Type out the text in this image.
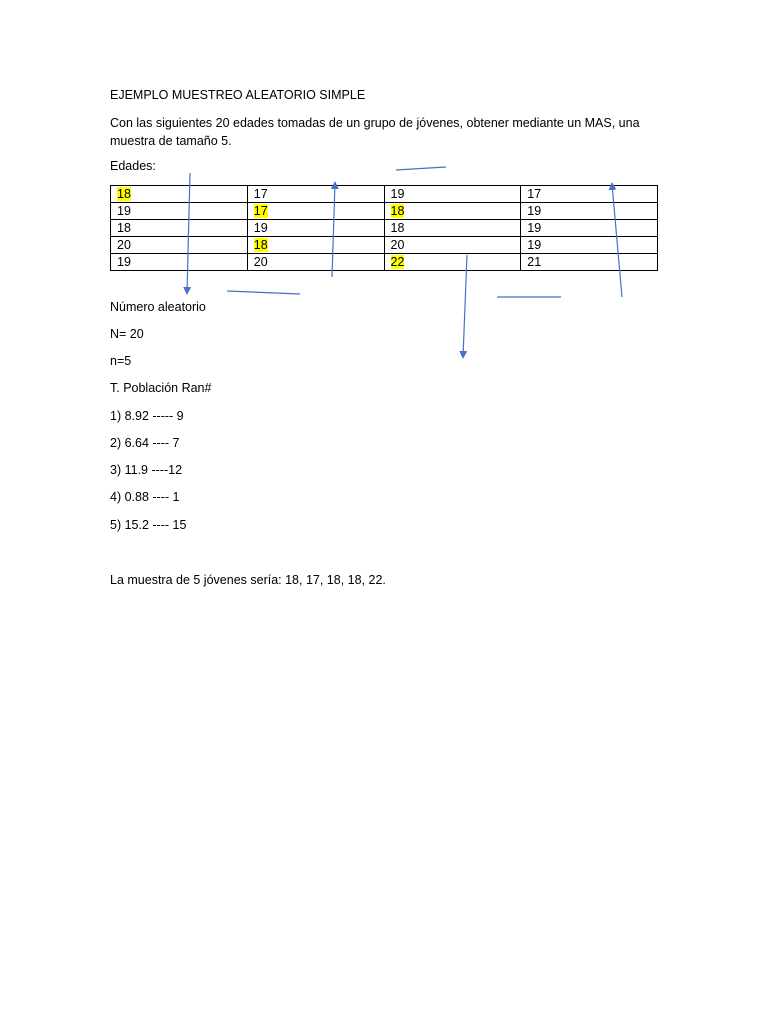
EJEMPLO MUESTREO ALEATORIO SIMPLE
Con las siguientes 20 edades tomadas de un grupo de jóvenes, obtener mediante un MAS, una muestra de tamaño 5.
Edades:
18	17	19	17
19	17	18	19
18	19	18	19
20	18	20	19
19	20	22	21
Número aleatorio
N= 20
n=5
T. Población Ran#
1) 8.92 ----- 9
2) 6.64 ---- 7
3) 11.9 ----12
4) 0.88 ---- 1
5) 15.2 ---- 15
La muestra de 5 jóvenes sería: 18, 17, 18, 18, 22.
